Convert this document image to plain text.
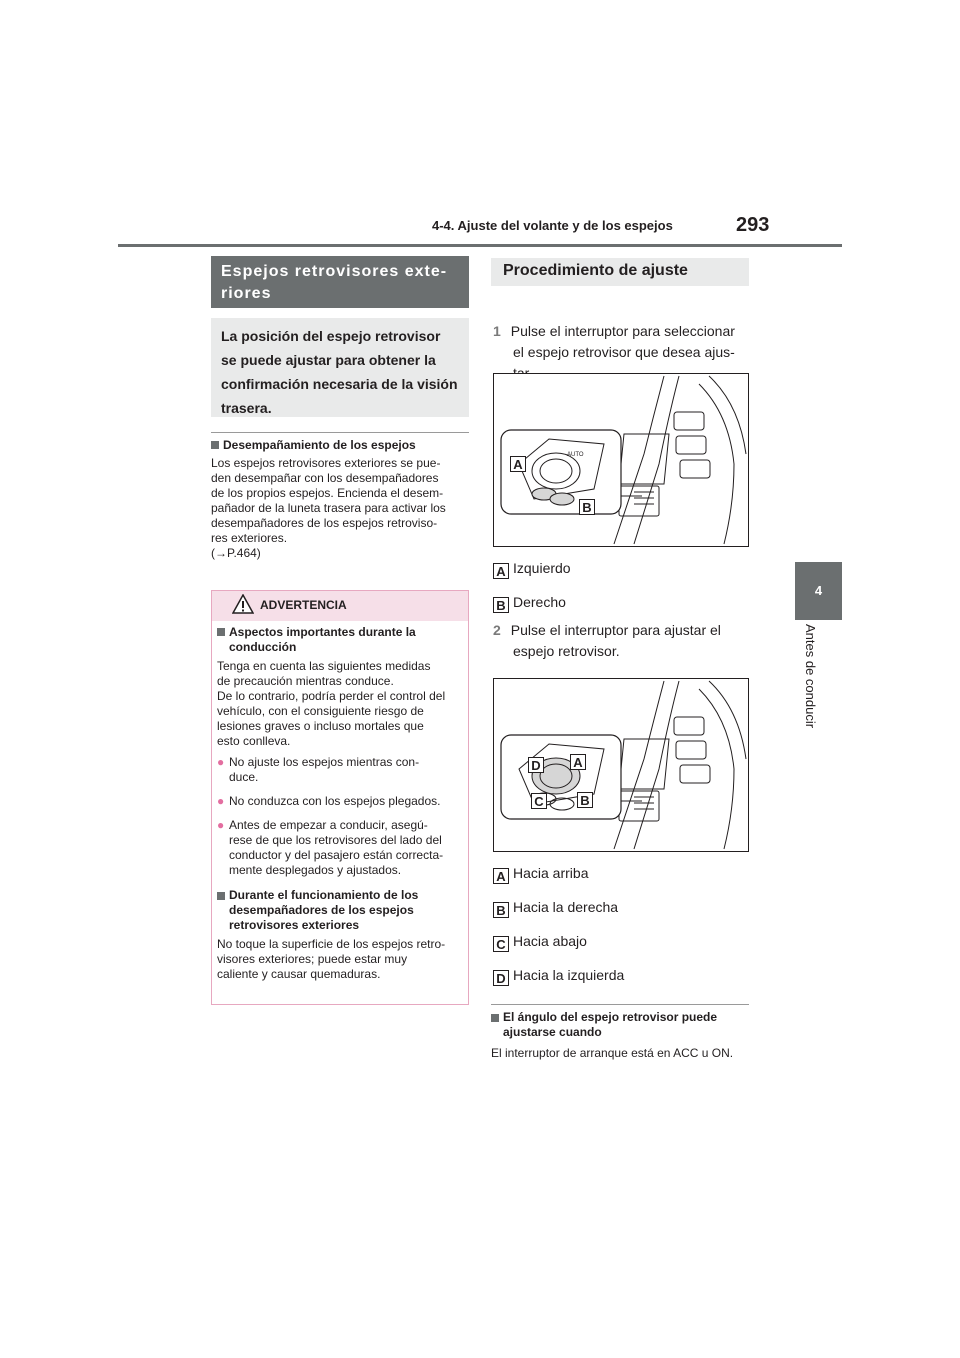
4-4. Ajuste del volante y de los espejos	293
4
Antes de conducir
Espejos retrovisores exte-riores
La posición del espejo retrovisor se puede ajustar para obtener la confirmación necesaria de la visión trasera.
Desempañamiento de los espejos
Los espejos retrovisores exteriores se pue-
den desempañar con los desempañadores
de los propios espejos. Encienda el desem-
pañador de la luneta trasera para activar los
desempañadores de los espejos retroviso-
res exteriores.
(→P.464)
ADVERTENCIA
Aspectos importantes durante la conducción
Tenga en cuenta las siguientes medidas
de precaución mientras conduce.
De lo contrario, podría perder el control del
vehículo, con el consiguiente riesgo de
lesiones graves o incluso mortales que
esto conlleva.
● No ajuste los espejos mientras con-
duce.
● No conduzca con los espejos plegados.
● Antes de empezar a conducir, asegú-
rese de que los retrovisores del lado del
conductor y del pasajero están correcta-
mente desplegados y ajustados.
Durante el funcionamiento de los
desempañadores de los espejos
retrovisores exteriores
No toque la superficie de los espejos retro-
visores exteriores; puede estar muy
caliente y causar quemaduras.
Procedimiento de ajuste
1 Pulse el interruptor para seleccionar
el espejo retrovisor que desea ajus-
AUTO
A
B
A Izquierdo
B Derecho
2 Pulse el interruptor para ajustar el
espejo retrovisor.
D	A
C	B
A Hacia arriba
B Hacia la derecha
C Hacia abajo
D Hacia la izquierda
El ángulo del espejo retrovisor puede
ajustarse cuando
El interruptor de arranque está en ACC u ON.
